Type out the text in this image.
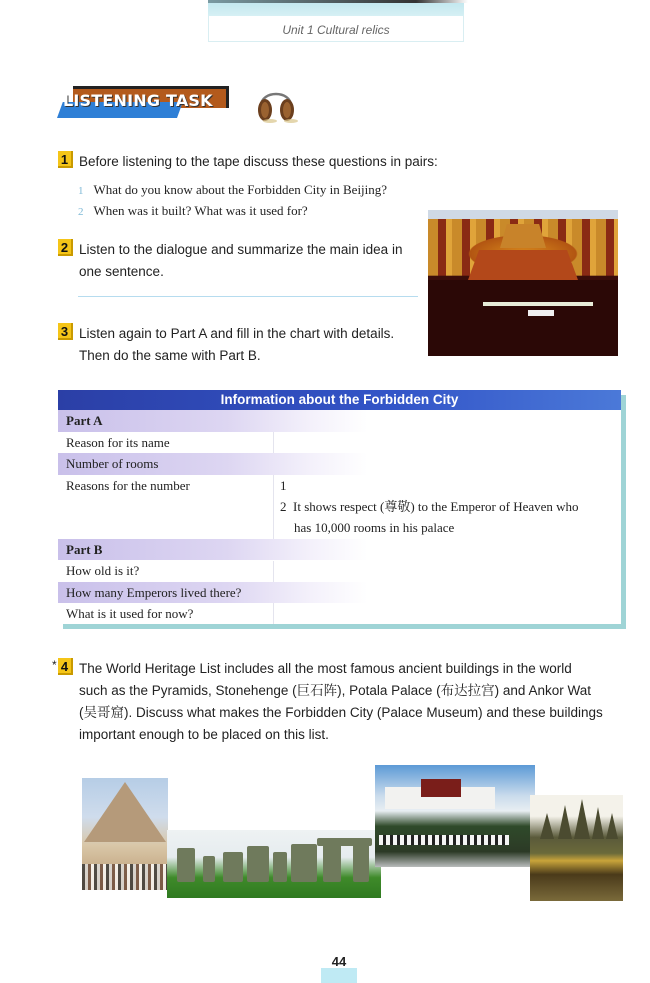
Unit 1 Cultural relics
LISTENING TASK
1 Before listening to the tape discuss these questions in pairs:
1 What do you know about the Forbidden City in Beijing?
2 When was it built? What was it used for?
2 Listen to the dialogue and summarize the main idea in
one sentence.
3 Listen again to Part A and fill in the chart with details.
Then do the same with Part B.
Information about the Forbidden City
Part A
Reason for its name
Number of rooms
Reasons for the number	1
2  It shows respect (尊敬) to the Emperor of Heaven who
has 10,000 rooms in his palace
Part B
How old is it?
How many Emperors lived there?
What is it used for now?
* 4 The World Heritage List includes all the most famous ancient buildings in the world
such as the Pyramids, Stonehenge (巨石阵), Potala Palace (布达拉宫) and Ankor Wat
(吴哥窟). Discuss what makes the Forbidden City (Palace Museum) and these buildings
important enough to be placed on this list.
44
